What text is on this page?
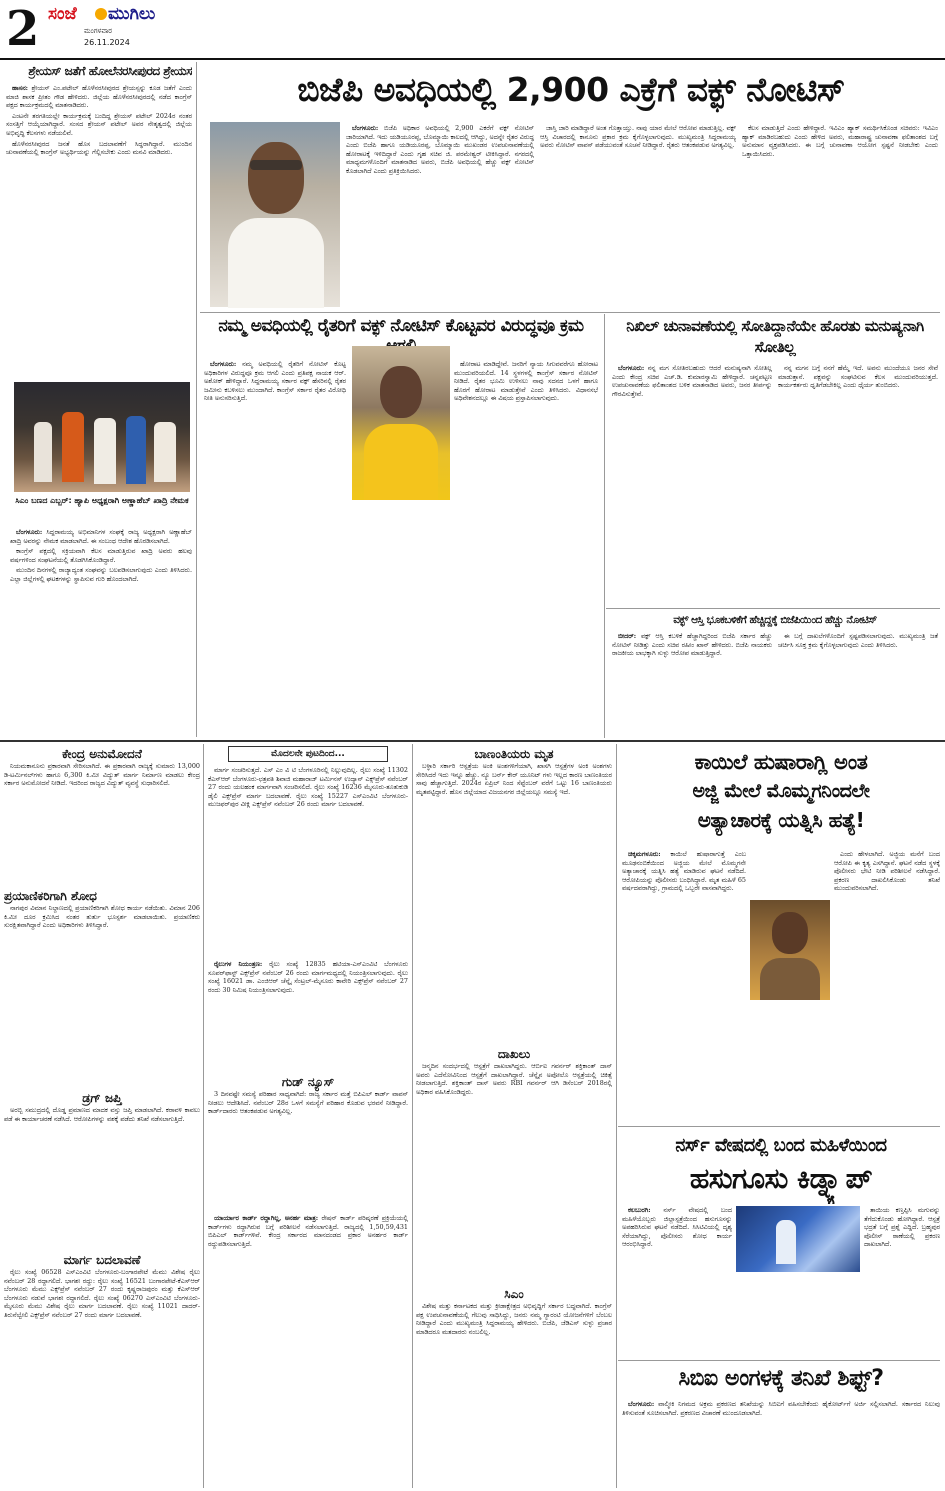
2 ಸಂಜೆ ಮುಗಿಲು
ಮಂಗಳವಾರ
26.11.2024
ಶ್ರೇಯಸ್ ಜತೆಗೆ ಹೋಲೆನರಸೀಪುರದ ಶ್ರೇಯಸ

ಹಾಸನ: ಶ್ರೇಯಸ್ ಎಂ.ಪಟೇಲ್ ಹೊಳೆನರಸೀಪುರದ ಶ್ರೇಯಸ್ಸನ್ನು ಕೂಡ ಜತೆಗೆ ಎಂದು ಮಾಜಿ ಶಾಸಕ ಪ್ರೀತಂ ಗೌಡ ಹೇಳಿದರು. ಜಿಲ್ಲೆಯ ಹೊಳೆನರಸೀಪುರದಲ್ಲಿ ನಡೆದ ಕಾಂಗ್ರೆಸ್ ಪಕ್ಷದ ಕಾರ್ಯಕ್ರಮದಲ್ಲಿ ಮಾತನಾಡಿದರು.

ಎಂಟನೇ ತರಗತಿಯಲ್ಲೇ ಕಾರ್ಯಕ್ರಮಕ್ಕೆ ಬಂದಿದ್ದ ಶ್ರೇಯಸ್ ಪಟೇಲ್ 2024ರ ನಂತರ ಸಂಸತ್ತಿಗೆ ಆಯ್ಕೆಯಾಗಿದ್ದಾರೆ. ಸಂಸದ ಶ್ರೇಯಸ್ ಪಟೇಲ್ ಅವರ ನೇತೃತ್ವದಲ್ಲಿ ಜಿಲ್ಲೆಯ ಅಭಿವೃದ್ಧಿ ಕೆಲಸಗಳು ನಡೆಯಲಿವೆ.

ಹೊಳೆನರಸೀಪುರದ ಜನತೆ ಹೊಸ ಬದಲಾವಣೆಗೆ ಸಿದ್ಧರಾಗಿದ್ದಾರೆ. ಮುಂದಿನ ಚುನಾವಣೆಯಲ್ಲಿ ಕಾಂಗ್ರೆಸ್ ಅಭ್ಯರ್ಥಿಯನ್ನು ಗೆಲ್ಲಿಸಬೇಕು ಎಂದು ಮನವಿ ಮಾಡಿದರು.

ಸಿಎಂ ಬಣದ ಎಬ್ಬರ್: ಹ್ಯಾಪಿ ಅಧ್ಯಕ್ಷರಾಗಿ ಅಣ್ಣಾಹೆಬ್ ಖಾದ್ರಿ ನೇಮಕ

ಬೆಂಗಳೂರು: ಸಿದ್ದರಾಮಯ್ಯ ಅಭಿಮಾನಿಗಳ ಸಂಘಕ್ಕೆ ರಾಜ್ಯ ಅಧ್ಯಕ್ಷರಾಗಿ ಅಣ್ಣಾಹೆಬ್ ಖಾದ್ರಿ ಅವರನ್ನು ನೇಮಕ ಮಾಡಲಾಗಿದೆ. ಈ ಸಂಬಂಧ ಆದೇಶ ಹೊರಡಿಸಲಾಗಿದೆ.

ಕಾಂಗ್ರೆಸ್ ಪಕ್ಷದಲ್ಲಿ ಸಕ್ರಿಯವಾಗಿ ಕೆಲಸ ಮಾಡುತ್ತಿರುವ ಖಾದ್ರಿ ಅವರು ಹಲವು ವರ್ಷಗಳಿಂದ ಸಂಘಟನೆಯಲ್ಲಿ ತೊಡಗಿಸಿಕೊಂಡಿದ್ದಾರೆ.

ಮುಂದಿನ ದಿನಗಳಲ್ಲಿ ರಾಜ್ಯಾದ್ಯಂತ ಸಂಘವನ್ನು ಬಲಪಡಿಸಲಾಗುವುದು ಎಂದು ತಿಳಿಸಿದರು. ಎಲ್ಲಾ ಜಿಲ್ಲೆಗಳಲ್ಲಿ ಘಟಕಗಳನ್ನು ಸ್ಥಾಪಿಸುವ ಗುರಿ ಹೊಂದಲಾಗಿದೆ.

ಬಿಜೆಪಿ ಅವಧಿಯಲ್ಲಿ 2,900 ಎಕ್ರೆಗೆ ವಕ್ಫ್ ನೋಟಿಸ್

ಬೆಂಗಳೂರು: ಬಿಜೆಪಿ ಅಧಿಕಾರ ಅವಧಿಯಲ್ಲಿ 2,900 ಎಕರೆಗೆ ವಕ್ಫ್ ನೋಟಿಸ್ ಜಾರಿಯಾಗಿದೆ. ಇದು ಯಡಿಯೂರಪ್ಪ, ಬೊಮ್ಮಾಯಿ ಕಾಲದಲ್ಲಿ ಆಗಿದ್ದು, ಅದನ್ನೇ ರೈತರ ವಿರುದ್ಧ ಎಂದು ಬಿಜೆಪಿ ಹಾಗೂ ಯಡಿಯೂರಪ್ಪ, ಬೊಮ್ಮಾಯಿ ಮುಖಂಡರ ಉಪಚುನಾವಣೆಯಲ್ಲಿ ಹೋರಾಟಕ್ಕೆ ಇಳಿದಿದ್ದಾರೆ ಎಂದು ಗೃಹ ಸಚಿವ ಜಿ. ಪರಮೇಶ್ವರ್ ಟೀಕಿಸಿದ್ದಾರೆ. ನಗರದಲ್ಲಿ ಮಾಧ್ಯಮಗಳೊಂದಿಗೆ ಮಾತನಾಡಿದ ಅವರು, ಬಿಜೆಪಿ ಅವಧಿಯಲ್ಲಿ ಹೆಚ್ಚು ವಕ್ಫ್ ನೋಟಿಸ್ ಕೊಡಲಾಗಿದೆ ಎಂದು ಪ್ರತಿಕ್ರಿಯಿಸಿದರು.

ಜಾಸ್ತಿ ಜಾರಿ ಮಾಡಿದ್ದಾರೆ ಅಂತ ಗೊತ್ತಾಯ್ತು. ನಾವು ಯಾರ ಮೇಲೆ ಆರೋಪ ಮಾಡುತ್ತಿಲ್ಲ. ವಕ್ಫ್ ಆಸ್ತಿ ವಿಚಾರದಲ್ಲಿ ಕಾನೂನು ಪ್ರಕಾರ ಕ್ರಮ ಕೈಗೊಳ್ಳಲಾಗುವುದು. ಮುಖ್ಯಮಂತ್ರಿ ಸಿದ್ದರಾಮಯ್ಯ ಅವರು ನೋಟಿಸ್ ವಾಪಸ್ ಪಡೆಯುವಂತೆ ಸೂಚನೆ ನೀಡಿದ್ದಾರೆ. ರೈತರು ಆತಂಕಪಡುವ ಅಗತ್ಯವಿಲ್ಲ.

ಕೆಲಸ ಮಾಡುತ್ತಿದೆ ಎಂದು ಹೇಳಿದ್ದಾರೆ. ಇವಿಎಂ ಹ್ಯಾಕ್ ಸಮರ್ಥಿಸಿಕೊಂಡ ಸಚಿವರು: ಇವಿಎಂ ಹ್ಯಾಕ್ ಮಾಡಿರಬಹುದು ಎಂದು ಹೇಳಿದ ಅವರು, ಮಹಾರಾಷ್ಟ್ರ ಚುನಾವಣಾ ಫಲಿತಾಂಶದ ಬಗ್ಗೆ ಅನುಮಾನ ವ್ಯಕ್ತಪಡಿಸಿದರು. ಈ ಬಗ್ಗೆ ಚುನಾವಣಾ ಆಯೋಗ ಸ್ಪಷ್ಟನೆ ನೀಡಬೇಕು ಎಂದು ಒತ್ತಾಯಿಸಿದರು.

ನಮ್ಮ ಅವಧಿಯಲ್ಲಿ ರೈತರಿಗೆ ವಕ್ಫ್ ನೋಟಿಸ್ ಕೊಟ್ಟವರ ವಿರುದ್ಧವೂ ಕ್ರಮ

ಬೆಂಗಳೂರು: ನಮ್ಮ ಅವಧಿಯಲ್ಲಿ ರೈತರಿಗೆ ನೋಟಿಸ್ ಕೊಟ್ಟ ಅಧಿಕಾರಿಗಳ ವಿರುದ್ಧವೂ ಕ್ರಮ ಆಗಲಿ ಎಂದು ಪ್ರತಿಪಕ್ಷ ನಾಯಕ ಆರ್. ಅಶೋಕ್ ಹೇಳಿದ್ದಾರೆ. ಸಿದ್ದರಾಮಯ್ಯ ಸರ್ಕಾರ ವಕ್ಫ್ ಹೆಸರಿನಲ್ಲಿ ರೈತರ ಜಮೀನು ಕಬಳಿಸಲು ಮುಂದಾಗಿದೆ. ಕಾಂಗ್ರೆಸ್ ಸರ್ಕಾರ ರೈತರ ವಿರೋಧಿ ನೀತಿ ಅನುಸರಿಸುತ್ತಿದೆ.

ಹೋರಾಟ ಮಾಡಿದ್ದೇವೆ. ಜನರಿಗೆ ನ್ಯಾಯ ಸಿಗುವವರೆಗೂ ಹೋರಾಟ ಮುಂದುವರಿಯಲಿದೆ. 14 ಸ್ಥಳಗಳಲ್ಲಿ ಕಾಂಗ್ರೆಸ್ ಸರ್ಕಾರ ನೋಟಿಸ್ ನೀಡಿದೆ. ರೈತರ ಭೂಮಿ ಉಳಿಸಲು ನಾವು ಸದನದ ಒಳಗೆ ಹಾಗೂ ಹೊರಗೆ ಹೋರಾಟ ಮಾಡುತ್ತೇವೆ ಎಂದು ತಿಳಿಸಿದರು. ವಿಧಾನಸಭೆ ಅಧಿವೇಶನದಲ್ಲೂ ಈ ವಿಷಯ ಪ್ರಸ್ತಾಪಿಸಲಾಗುವುದು.

ನಿಖಿಲ್ ಚುನಾವಣೆಯಲ್ಲಿ ಸೋತಿದ್ದಾನೆಯೇ ಹೊರತು ಮನುಷ್ಯನಾಗಿ ಸೋತಿಲ್ಲ

ಬೆಂಗಳೂರು: ನನ್ನ ಮಗ ಸೋತಿರಬಹುದು ಆದರೆ ಮನುಷ್ಯನಾಗಿ ಸೋತಿಲ್ಲ ಎಂದು ಕೇಂದ್ರ ಸಚಿವ ಎಚ್.ಡಿ. ಕುಮಾರಸ್ವಾಮಿ ಹೇಳಿದ್ದಾರೆ. ಚನ್ನಪಟ್ಟಣ ಉಪಚುನಾವಣೆಯ ಫಲಿತಾಂಶದ ಬಳಿಕ ಮಾತನಾಡಿದ ಅವರು, ಜನರ ತೀರ್ಪನ್ನು ಗೌರವಿಸುತ್ತೇವೆ.

ನನ್ನ ಮಗನ ಬಗ್ಗೆ ನನಗೆ ಹೆಮ್ಮೆ ಇದೆ. ಅವನು ಮುಂದೆಯೂ ಜನರ ಸೇವೆ ಮಾಡುತ್ತಾನೆ. ಪಕ್ಷವನ್ನು ಸಂಘಟಿಸುವ ಕೆಲಸ ಮುಂದುವರಿಯುತ್ತದೆ. ಕಾರ್ಯಕರ್ತರು ಧೃತಿಗೆಡಬೇಕಿಲ್ಲ ಎಂದು ಧೈರ್ಯ ತುಂಬಿದರು.

ವಕ್ಫ್ ಆಸ್ತಿ ಭೂಕಬಳಿಕೆಗೆ ಹೆಚ್ಚಿದ್ದಕ್ಕೆ ಬಿಜೆಪಿಯಿಂದ ಹೆಚ್ಚು ನೋಟಿಸ್

ಬೀದರ್: ವಕ್ಫ್ ಆಸ್ತಿ ಕಬಳಿಕೆ ಹೆಚ್ಚಾಗಿದ್ದರಿಂದ ಬಿಜೆಪಿ ಸರ್ಕಾರ ಹೆಚ್ಚು ನೋಟಿಸ್ ನೀಡಿತ್ತು ಎಂದು ಸಚಿವ ರಹೀಂ ಖಾನ್ ಹೇಳಿದರು. ಬಿಜೆಪಿ ನಾಯಕರು ರಾಜಕೀಯ ಲಾಭಕ್ಕಾಗಿ ಸುಳ್ಳು ಆರೋಪ ಮಾಡುತ್ತಿದ್ದಾರೆ.

ಈ ಬಗ್ಗೆ ದಾಖಲೆಗಳೊಂದಿಗೆ ಸ್ಪಷ್ಟಪಡಿಸಲಾಗುವುದು. ಮುಖ್ಯಮಂತ್ರಿ ಜತೆ ಚರ್ಚಿಸಿ ಸೂಕ್ತ ಕ್ರಮ ಕೈಗೊಳ್ಳಲಾಗುವುದು ಎಂದು ತಿಳಿಸಿದರು.

ಕೇಂದ್ರ ಅನುಮೋದನೆ

ನಿಯಮಕಾನೂನು ಪ್ರಕಾರವಾಗಿ ಸೇರಿಸಲಾಗಿದೆ. ಈ ಪ್ರಕಾರವಾಗಿ ರಾಜ್ಯಕ್ಕೆ ಸುಮಾರು 13,000 ಡಿ-ಟರ್ಮಿನಲ್‌ಗಳು ಹಾಗೂ 6,300 ಕಿ.ಮೀ ವಿದ್ಯುತ್ ಮಾರ್ಗ ನಿರ್ಮಾಣ ಮಾಡಲು ಕೇಂದ್ರ ಸರ್ಕಾರ ಅನುಮೋದನೆ ನೀಡಿದೆ. ಇದರಿಂದ ರಾಜ್ಯದ ವಿದ್ಯುತ್ ವ್ಯವಸ್ಥೆ ಸುಧಾರಿಸಲಿದೆ.

ಪ್ರಯಾಣಿಕರಿಗಾಗಿ ಶೋಧ

ನಾಗಪುರ ವಿಮಾನ ನಿಲ್ದಾಣದಲ್ಲಿ ಪ್ರಯಾಣಿಕರಿಗಾಗಿ ಶೋಧ ಕಾರ್ಯ ನಡೆಯಿತು. ವಿಮಾನ 206 ಕಿ.ಮೀ ದೂರ ಕ್ರಮಿಸಿದ ನಂತರ ತುರ್ತು ಭೂಸ್ಪರ್ಶ ಮಾಡಲಾಯಿತು. ಪ್ರಯಾಣಿಕರು ಸುರಕ್ಷಿತವಾಗಿದ್ದಾರೆ ಎಂದು ಅಧಿಕಾರಿಗಳು ತಿಳಿಸಿದ್ದಾರೆ.

ಡ್ರಗ್ ಜಪ್ತಿ

ಅರಬ್ಬಿ ಸಮುದ್ರದಲ್ಲಿ ದೊಡ್ಡ ಪ್ರಮಾಣದ ಮಾದಕ ವಸ್ತು ಜಪ್ತಿ ಮಾಡಲಾಗಿದೆ. ಕರಾವಳಿ ಕಾವಲು ಪಡೆ ಈ ಕಾರ್ಯಾಚರಣೆ ನಡೆಸಿದೆ. ಆರೋಪಿಗಳನ್ನು ವಶಕ್ಕೆ ಪಡೆದು ತನಿಖೆ ನಡೆಸಲಾಗುತ್ತಿದೆ.

ಮಾರ್ಗ ಬದಲಾವಣೆ

ರೈಲು ಸಂಖ್ಯೆ 06528 ಎಸ್ಎಂವಿಟಿ ಬೆಂಗಳೂರು-ಬಂಗಾರಪೇಟೆ ಮೆಮು ವಿಶೇಷ ರೈಲು ನವೆಂಬರ್ 28 ರದ್ದಾಗಲಿದೆ. ಭಾಗಶಃ ರದ್ದು: ರೈಲು ಸಂಖ್ಯೆ 16521 ಬಂಗಾರಪೇಟೆ-ಕೆಎಸ್ಆರ್ ಬೆಂಗಳೂರು ಮೆಮು ಎಕ್ಸ್‌ಪ್ರೆಸ್ ನವೆಂಬರ್ 27 ರಂದು ಕೃಷ್ಣರಾಜಪುರಂ ಮತ್ತು ಕೆಎಸ್ಆರ್ ಬೆಂಗಳೂರು ನಡುವೆ ಭಾಗಶಃ ರದ್ದಾಗಲಿದೆ. ರೈಲು ಸಂಖ್ಯೆ 06270 ಎಸ್ಎಂವಿಟಿ ಬೆಂಗಳೂರು-ಮೈಸೂರು ಮೆಮು ವಿಶೇಷ ರೈಲು ಮಾರ್ಗ ಬದಲಾವಣೆ. ರೈಲು ಸಂಖ್ಯೆ 11021 ದಾದರ್-ತಿರುನೆಲ್ವೇಲಿ ಎಕ್ಸ್‌ಪ್ರೆಸ್ ನವೆಂಬರ್ 27 ರಂದು ಮಾರ್ಗ ಬದಲಾವಣೆ.

ಮೊದಲನೇ ಪುಟದಿಂದ...

ಮಾರ್ಗ ಸಂಚರಿಸುತ್ತದೆ. ಎಸ್ ಎಂ ವಿ ಟಿ ಬೆಂಗಳೂರಿನಲ್ಲಿ ನಿಲ್ಲುವುದಿಲ್ಲ. ರೈಲು ಸಂಖ್ಯೆ 11302 ಕೆಎಸ್ಆರ್ ಬೆಂಗಳೂರು-ಛತ್ರಪತಿ ಶಿವಾಜಿ ಮಹಾರಾಜ್ ಟರ್ಮಿನಸ್ ಉದ್ಯಾನ್ ಎಕ್ಸ್‌ಪ್ರೆಸ್ ನವೆಂಬರ್ 27 ರಂದು ಯಲಹಂಕ ಮಾರ್ಗವಾಗಿ ಸಂಚರಿಸಲಿದೆ. ರೈಲು ಸಂಖ್ಯೆ 16236 ಮೈಸೂರು-ತೂತುಕುಡಿ ಡೈಲಿ ಎಕ್ಸ್‌ಪ್ರೆಸ್ ಮಾರ್ಗ ಬದಲಾವಣೆ. ರೈಲು ಸಂಖ್ಯೆ 15227 ಎಸ್ಎಂವಿಟಿ ಬೆಂಗಳೂರು-ಮುಜಫರ್‌ಪುರ ವೀಕ್ಲಿ ಎಕ್ಸ್‌ಪ್ರೆಸ್ ನವೆಂಬರ್ 26 ರಂದು ಮಾರ್ಗ ಬದಲಾವಣೆ.

ರೈಲುಗಳ ನಿಯಂತ್ರಣ: ರೈಲು ಸಂಖ್ಯೆ 12835 ಹಟಿಯಾ-ಎಸ್ಎಂವಿಟಿ ಬೆಂಗಳೂರು ಸೂಪರ್‌ಫಾಸ್ಟ್ ಎಕ್ಸ್‌ಪ್ರೆಸ್ ನವೆಂಬರ್ 26 ರಂದು ಮಾರ್ಗಮಧ್ಯದಲ್ಲಿ ನಿಯಂತ್ರಿಸಲಾಗುವುದು. ರೈಲು ಸಂಖ್ಯೆ 16021 ಡಾ. ಎಂಜಿಆರ್ ಚೆನ್ನೈ ಸೆಂಟ್ರಲ್-ಮೈಸೂರು ಕಾವೇರಿ ಎಕ್ಸ್‌ಪ್ರೆಸ್ ನವೆಂಬರ್ 27 ರಂದು 30 ನಿಮಿಷ ನಿಯಂತ್ರಿಸಲಾಗುವುದು.

ಗುಡ್ ನ್ಯೂಸ್

3 ದಿನವಷ್ಟೇ ಸಮಸ್ಯೆ ಪರಿಹಾರ ಸಾಧ್ಯವಾಗಿದೆ: ರಾಜ್ಯ ಸರ್ಕಾರ ಮತ್ತೆ ಬಿಪಿಎಲ್ ಕಾರ್ಡ್ ವಾಪಸ್ ನೀಡಲು ಆದೇಶಿಸಿದೆ. ನವೆಂಬರ್ 28ರ ಒಳಗೆ ಸಮಸ್ಯೆಗೆ ಪರಿಹಾರ ಕೊಡುವ ಭರವಸೆ ನೀಡಿದ್ದಾರೆ. ಕಾರ್ಡ್‌ದಾರರು ಆತಂಕಪಡುವ ಅಗತ್ಯವಿಲ್ಲ.

ಯಾರ್ಯಾರ ಕಾರ್ಡ್ ರದ್ದಾಗಿಲ್ಲ, ಅನರ್ಹ ಮಾತ್ರ: ರೇಷನ್ ಕಾರ್ಡ್ ಪರಿಷ್ಕರಣೆ ಪ್ರಕ್ರಿಯೆಯಲ್ಲಿ ಕಾರ್ಡ್‌ಗಳು ರದ್ದಾಗಿರುವ ಬಗ್ಗೆ ಪರಿಶೀಲನೆ ನಡೆಸಲಾಗುತ್ತಿದೆ. ರಾಜ್ಯದಲ್ಲಿ 1,50,59,431 ಬಿಪಿಎಲ್ ಕಾರ್ಡ್‌ಗಳಿವೆ. ಕೇಂದ್ರ ಸರ್ಕಾರದ ಮಾನದಂಡದ ಪ್ರಕಾರ ಅನರ್ಹರ ಕಾರ್ಡ್ ರದ್ದುಪಡಿಸಲಾಗುತ್ತಿದೆ.

ಬಾಣಂತಿಯರು ಮೃತ

ಬಳ್ಳಾರಿ ಸರ್ಕಾರಿ ಆಸ್ಪತ್ರೆಯ ಅಂಕಿ ಅಂಶಗಳಿಗೆಯಾಗಿ, ಖಾಸಗಿ ಆಸ್ಪತ್ರೆಗಳ ಅಂಕಿ ಅಂಶಗಳು ಸೇರಿಸಿದರೆ ಇದು ಇನ್ನೂ ಹೆಚ್ಚು. ನ್ಯೂ ಬರ್ನ್ ಕೇರ್ ಯೂನಿಟ್ ಗಳು ಇಲ್ಲದ ಕಾರಣ ಬಾಣಂತಿಯರ ಸಾವು ಹೆಚ್ಚಾಗುತ್ತಿದೆ. 2024ರ ಏಪ್ರಿಲ್ ನಿಂದ ಸೆಪ್ಟೆಂಬರ್ ವರೆಗೆ ಒಟ್ಟು 16 ಬಾಣಂತಿಯರು ಮೃತಪಟ್ಟಿದ್ದಾರೆ. ಹೊಸ ಜಿಲ್ಲೆಯಾದ ವಿಜಯನಗರ ಜಿಲ್ಲೆಯಲ್ಲೂ ಸಮಸ್ಯೆ ಇದೆ.

ದಾಖಲು

ಜನ್ಮದಿನ ಸಂದರ್ಭದಲ್ಲಿ ಆಸ್ಪತ್ರೆಗೆ ದಾಖಲಾಗಿದ್ದರು. ಆರ್ಬಿಐ ಗವರ್ನರ್ ಶಕ್ತಿಕಾಂತ್ ದಾಸ್ ಅವರು ಎದೆನೋವಿನಿಂದ ಆಸ್ಪತ್ರೆಗೆ ದಾಖಲಾಗಿದ್ದಾರೆ. ಚೆನ್ನೈನ ಅಪೋಲೊ ಆಸ್ಪತ್ರೆಯಲ್ಲಿ ಚಿಕಿತ್ಸೆ ನೀಡಲಾಗುತ್ತಿದೆ. ಶಕ್ತಿಕಾಂತ್ ದಾಸ್ ಅವರು RBI ಗವರ್ನರ್ ಆಗಿ ಡಿಸೆಂಬರ್ 2018ರಲ್ಲಿ ಅಧಿಕಾರ ವಹಿಸಿಕೊಂಡಿದ್ದರು.

ಸಿಎಂ

ವಿಶೇಷ ಮತ್ತು ಕರ್ನಾಟಕದ ಮತ್ತು ಕ್ರೀಡಾಕ್ಷೇತ್ರದ ಅಭಿವೃದ್ಧಿಗೆ ಸರ್ಕಾರ ಬದ್ಧವಾಗಿದೆ. ಕಾಂಗ್ರೆಸ್ ಪಕ್ಷ ಉಪಚುನಾವಣೆಯಲ್ಲಿ ಗೆಲುವು ಸಾಧಿಸಿದ್ದು, ಜನರು ನಮ್ಮ ಗ್ಯಾರಂಟಿ ಯೋಜನೆಗಳಿಗೆ ಬೆಂಬಲ ನೀಡಿದ್ದಾರೆ ಎಂದು ಮುಖ್ಯಮಂತ್ರಿ ಸಿದ್ದರಾಮಯ್ಯ ಹೇಳಿದರು. ಬಿಜೆಪಿ, ಜೆಡಿಎಸ್ ಸುಳ್ಳು ಪ್ರಚಾರ ಮಾಡಿದರೂ ಮತದಾರರು ನಂಬಲಿಲ್ಲ.

ಕಾಯಿಲೆ ಹುಷಾರಾಗ್ಲಿ ಅಂತ
ಅಜ್ಜಿ ಮೇಲೆ ಮೊಮ್ಮಗನಿಂದಲೇ
ಅತ್ಯಾಚಾರಕ್ಕೆ ಯತ್ನಿಸಿ ಹತ್ಯೆ!

ಚಿಕ್ಕಮಗಳೂರು: ಕಾಯಿಲೆ ಹುಷಾರಾಗುತ್ತೆ ಎಂಬ ಮೂಢನಂಬಿಕೆಯಿಂದ ಅಜ್ಜಿಯ ಮೇಲೆ ಮೊಮ್ಮಗನೇ ಅತ್ಯಾಚಾರಕ್ಕೆ ಯತ್ನಿಸಿ ಹತ್ಯೆ ಮಾಡಿರುವ ಘಟನೆ ನಡೆದಿದೆ. ಆರೋಪಿಯನ್ನು ಪೊಲೀಸರು ಬಂಧಿಸಿದ್ದಾರೆ. ಮೃತ ಮಹಿಳೆ 65 ವರ್ಷದವರಾಗಿದ್ದು, ಗ್ರಾಮದಲ್ಲಿ ಒಬ್ಬರೇ ವಾಸವಾಗಿದ್ದರು.

ಎಂದು ಹೇಳಲಾಗಿದೆ. ಅಜ್ಜಿಯ ಮನೆಗೆ ಬಂದ ಆರೋಪಿ ಈ ಕೃತ್ಯ ಎಸಗಿದ್ದಾನೆ. ಘಟನೆ ನಡೆದ ಸ್ಥಳಕ್ಕೆ ಪೊಲೀಸರು ಭೇಟಿ ನೀಡಿ ಪರಿಶೀಲನೆ ನಡೆಸಿದ್ದಾರೆ. ಪ್ರಕರಣ ದಾಖಲಿಸಿಕೊಂಡು ತನಿಖೆ ಮುಂದುವರಿಸಲಾಗಿದೆ.

ನರ್ಸ್ ವೇಷದಲ್ಲಿ ಬಂದ ಮಹಿಳೆಯಿಂದ
ಹಸುಗೂಸು ಕಿಡ್ನ್ಯಾಪ್

ಕಲಬುರಗಿ: ನರ್ಸ್ ವೇಷದಲ್ಲಿ ಬಂದ ಮಹಿಳೆಯೊಬ್ಬರು ಜಿಲ್ಲಾಸ್ಪತ್ರೆಯಿಂದ ಹಸುಗೂಸನ್ನು ಅಪಹರಿಸಿರುವ ಘಟನೆ ನಡೆದಿದೆ. ಸಿಸಿಟಿವಿಯಲ್ಲಿ ದೃಶ್ಯ ಸೆರೆಯಾಗಿದ್ದು, ಪೊಲೀಸರು ಶೋಧ ಕಾರ್ಯ ಆರಂಭಿಸಿದ್ದಾರೆ.

ತಾಯಿಯ ಕಣ್ತಪ್ಪಿಸಿ ಮಗುವನ್ನು ತೆಗೆದುಕೊಂಡು ಹೋಗಿದ್ದಾರೆ. ಆಸ್ಪತ್ರೆ ಭದ್ರತೆ ಬಗ್ಗೆ ಪ್ರಶ್ನೆ ಎದ್ದಿದೆ. ಬ್ರಹ್ಮಪುರ ಪೊಲೀಸ್ ಠಾಣೆಯಲ್ಲಿ ಪ್ರಕರಣ ದಾಖಲಾಗಿದೆ.

ಸಿಬಿಐ ಅಂಗಳಕ್ಕೆ ತನಿಖೆ ಶಿಫ್ಟ್?

ಬೆಂಗಳೂರು: ವಾಲ್ಮೀಕಿ ನಿಗಮದ ಅಕ್ರಮ ಪ್ರಕರಣದ ತನಿಖೆಯನ್ನು ಸಿಬಿಐಗೆ ವಹಿಸಬೇಕೆಂದು ಹೈಕೋರ್ಟ್‌ಗೆ ಅರ್ಜಿ ಸಲ್ಲಿಸಲಾಗಿದೆ. ಸರ್ಕಾರದ ನಿಲುವು ತಿಳಿಸುವಂತೆ ಸೂಚಿಸಲಾಗಿದೆ. ಪ್ರಕರಣದ ವಿಚಾರಣೆ ಮುಂದೂಡಲಾಗಿದೆ.
